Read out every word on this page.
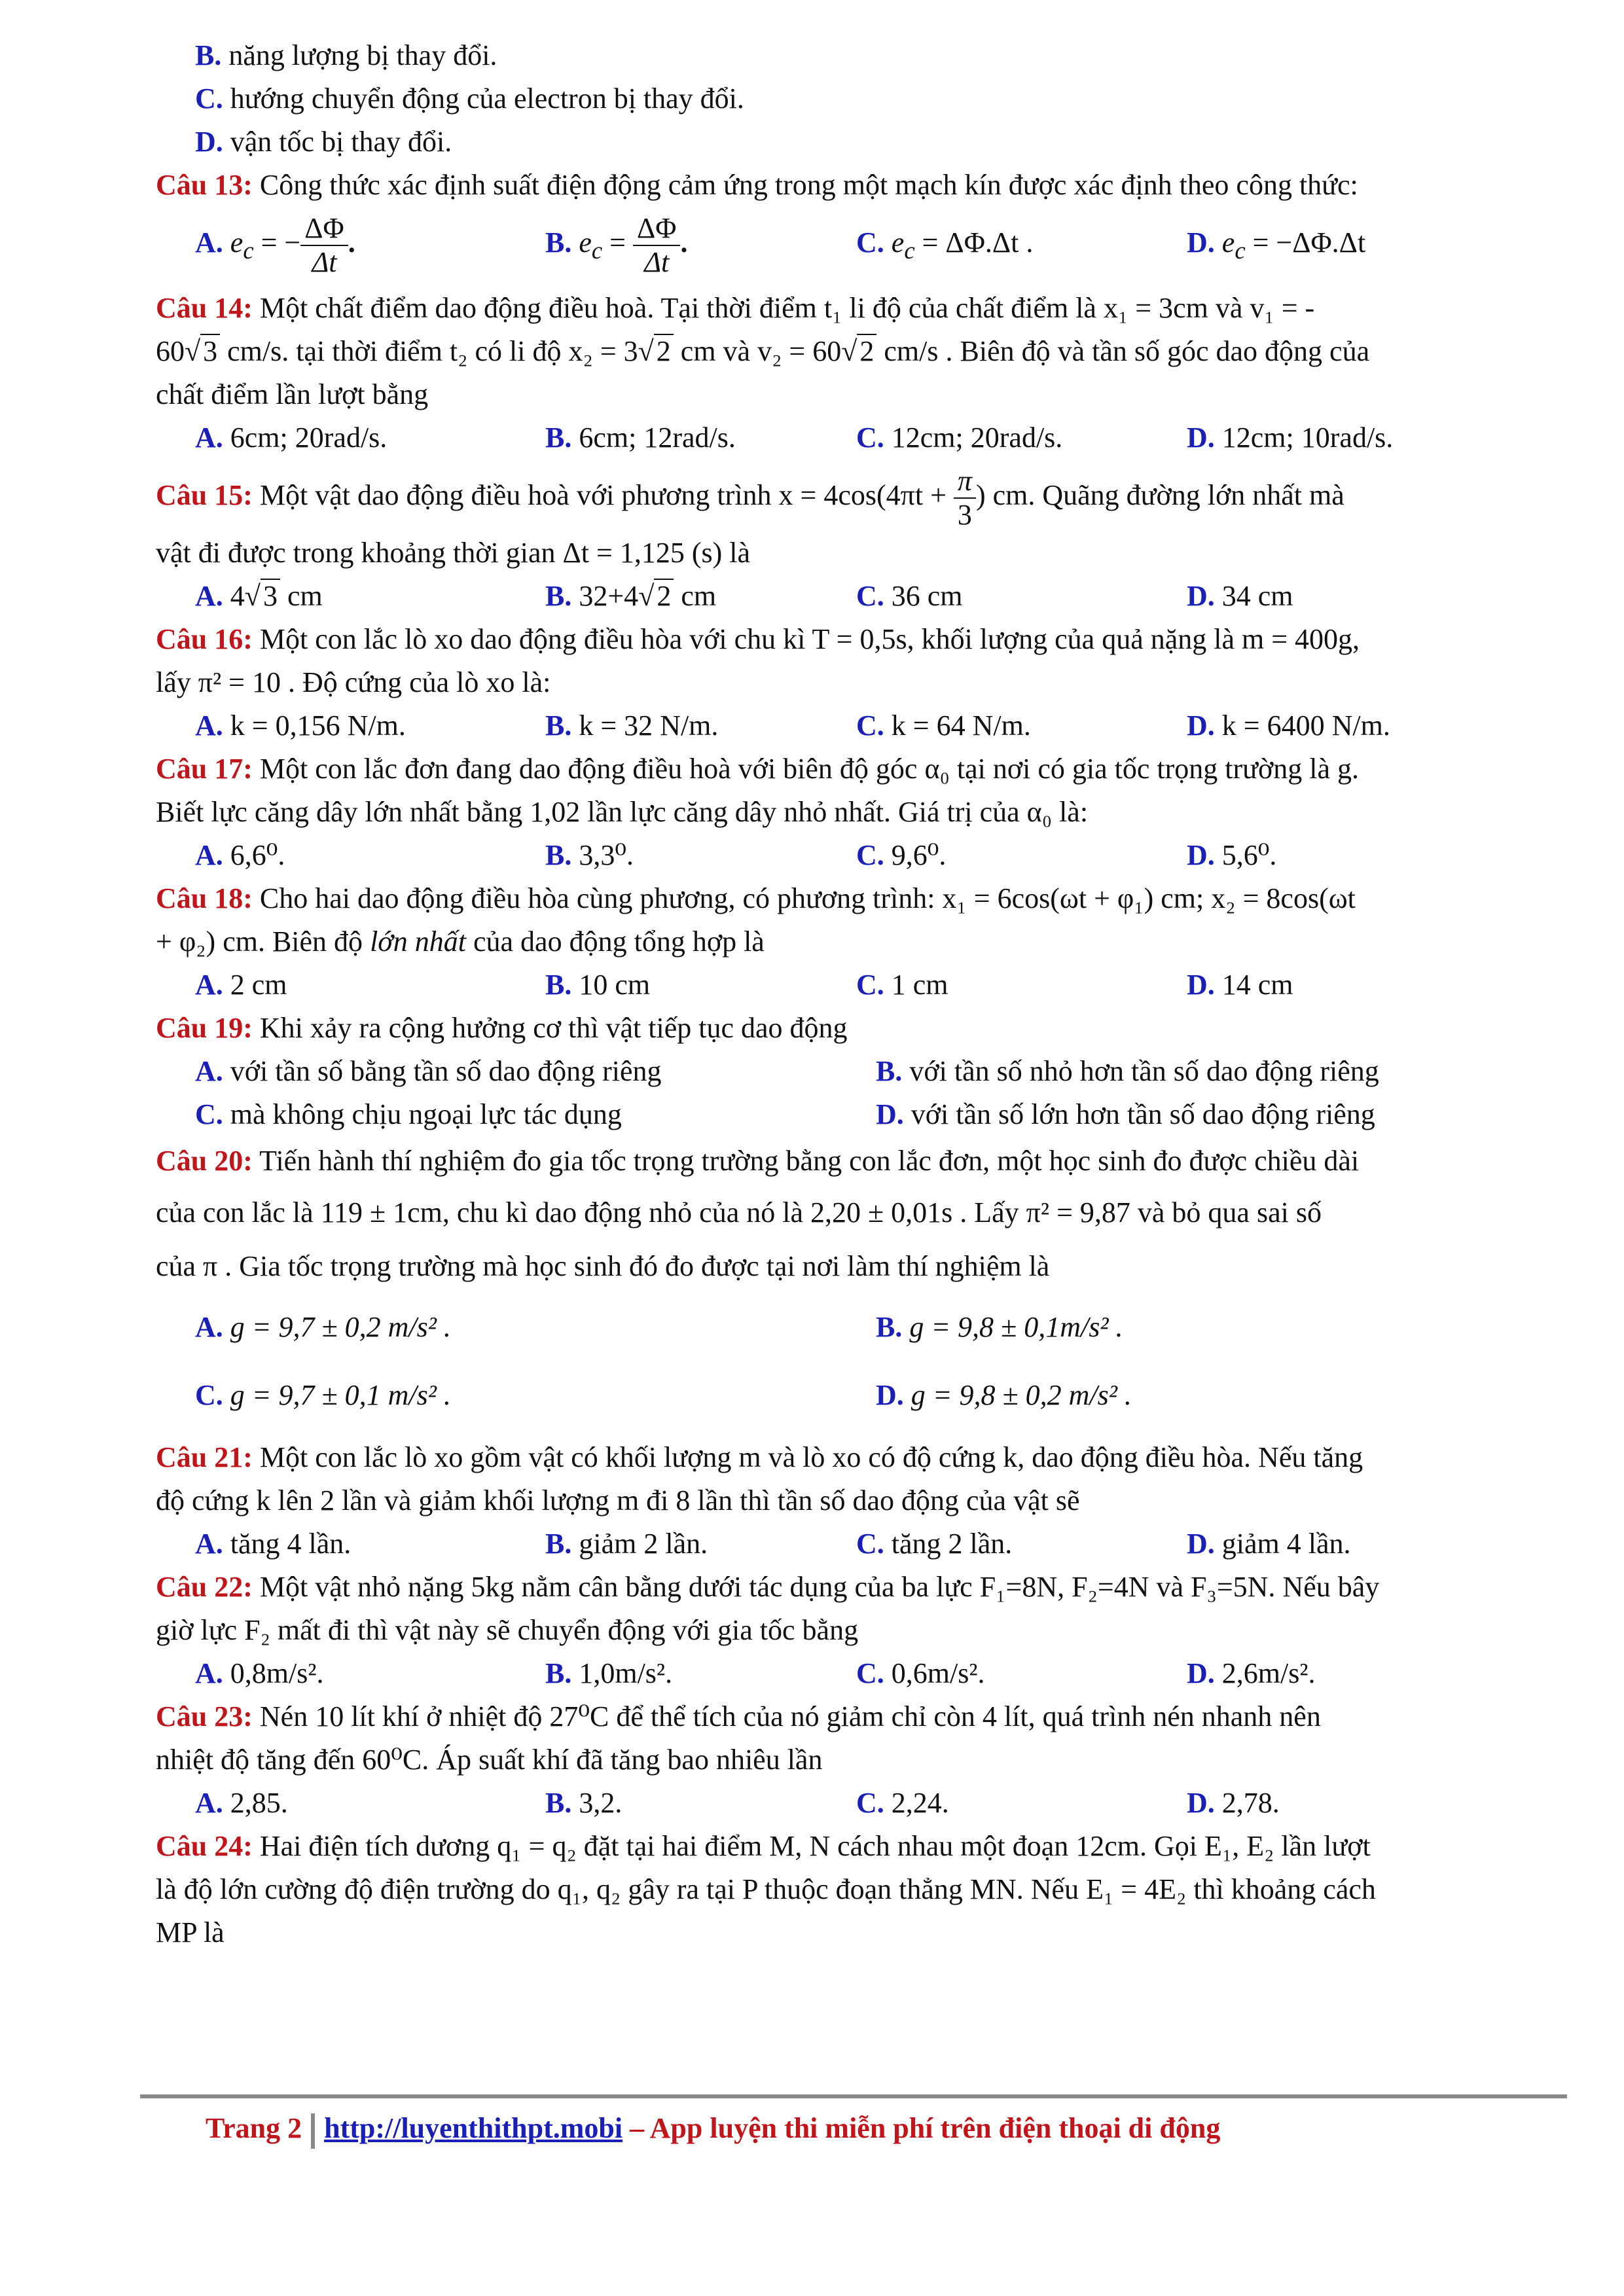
B. năng lượng bị thay đổi.
C. hướng chuyển động của electron bị thay đổi.
D. vận tốc bị thay đổi.
Câu 13: Công thức xác định suất điện động cảm ứng trong một mạch kín được xác định theo công thức:
A. $e_c$ = − $\frac{\Delta\Phi}{\Delta t}$ .	B. $e_c = \frac{\Delta\Phi}{\Delta t}$ .	C. $e_c = \Delta\Phi.\Delta t$ .	D. $e_c = -\Delta\Phi.\Delta t$
Câu 14: Một chất điểm dao động điều hoà. Tại thời điểm t₁ li độ của chất điểm là x₁ = 3cm và v₁ = -
60√3 cm/s. tại thời điểm t₂ có li độ x₂ = 3√2 cm và v₂ = 60√2 cm/s . Biên độ và tần số góc dao động của
chất điểm lần lượt bằng
A. 6cm; 20rad/s.	B. 6cm; 12rad/s.	C. 12cm; 20rad/s.	D. 12cm; 10rad/s.
Câu 15: Một vật dao động điều hoà với phương trình $x = 4\cos(4\pi t + \frac{\pi}{3}$ ) cm. Quãng đường lớn nhất mà
vật đi được trong khoảng thời gian Δt = 1,125 (s) là
A. 4√3 cm	B. 32+4√2 cm	C. 36 cm	D. 34 cm
Câu 16: Một con lắc lò xo dao động điều hòa với chu kì T = 0,5s, khối lượng của quả nặng là m = 400g,
lấy π² = 10 . Độ cứng của lò xo là:
A. k = 0,156 N/m.	B. k = 32 N/m.	C. k = 64 N/m.	D. k = 6400 N/m.
Câu 17: Một con lắc đơn đang dao động điều hoà với biên độ góc α₀ tại nơi có gia tốc trọng trường là g.
Biết lực căng dây lớn nhất bằng 1,02 lần lực căng dây nhỏ nhất. Giá trị của α₀ là:
A. 6,6⁰.	B. 3,3⁰.	C. 9,6⁰.	D. 5,6⁰.
Câu 18: Cho hai dao động điều hòa cùng phương, có phương trình: x₁ = 6cos(ωt + φ₁) cm; x₂ = 8cos(ωt
+ φ₂) cm. Biên độ lớn nhất của dao động tổng hợp là
A. 2 cm	B. 10 cm	C. 1 cm	D. 14 cm
Câu 19: Khi xảy ra cộng hưởng cơ thì vật tiếp tục dao động
A. với tần số bằng tần số dao động riêng	B. với tần số nhỏ hơn tần số dao động riêng
C. mà không chịu ngoại lực tác dụng	D. với tần số lớn hơn tần số dao động riêng
Câu 20: Tiến hành thí nghiệm đo gia tốc trọng trường bằng con lắc đơn, một học sinh đo được chiều dài
của con lắc là 119 ± 1cm, chu kì dao động nhỏ của nó là 2,20 ± 0,01s . Lấy π² = 9,87 và bỏ qua sai số
của π . Gia tốc trọng trường mà học sinh đó đo được tại nơi làm thí nghiệm là
A. g = 9,7 ± 0,2 m/s² .	B. g = 9,8 ± 0,1m/s² .
C. g = 9,7 ± 0,1 m/s² .	D. g = 9,8 ± 0,2 m/s² .
Câu 21: Một con lắc lò xo gồm vật có khối lượng m và lò xo có độ cứng k, dao động điều hòa. Nếu tăng
độ cứng k lên 2 lần và giảm khối lượng m đi 8 lần thì tần số dao động của vật sẽ
A. tăng 4 lần.	B. giảm 2 lần.	C. tăng 2 lần.	D. giảm 4 lần.
Câu 22: Một vật nhỏ nặng 5kg nằm cân bằng dưới tác dụng của ba lực F₁=8N, F₂=4N và F₃=5N. Nếu bây
giờ lực F₂ mất đi thì vật này sẽ chuyển động với gia tốc bằng
A. 0,8m/s².	B. 1,0m/s².	C. 0,6m/s².	D. 2,6m/s².
Câu 23: Nén 10 lít khí ở nhiệt độ 27⁰C để thể tích của nó giảm chỉ còn 4 lít, quá trình nén nhanh nên
nhiệt độ tăng đến 60⁰C. Áp suất khí đã tăng bao nhiêu lần
A. 2,85.	B. 3,2.	C. 2,24.	D. 2,78.
Câu 24: Hai điện tích dương q₁ = q₂ đặt tại hai điểm M, N cách nhau một đoạn 12cm. Gọi E₁, E₂ lần lượt
là độ lớn cường độ điện trường do q₁, q₂ gây ra tại P thuộc đoạn thẳng MN. Nếu E₁ = 4E₂ thì khoảng cách
MP là
Trang 2 http://luyenthithpt.mobi – App luyện thi miễn phí trên điện thoại di động
